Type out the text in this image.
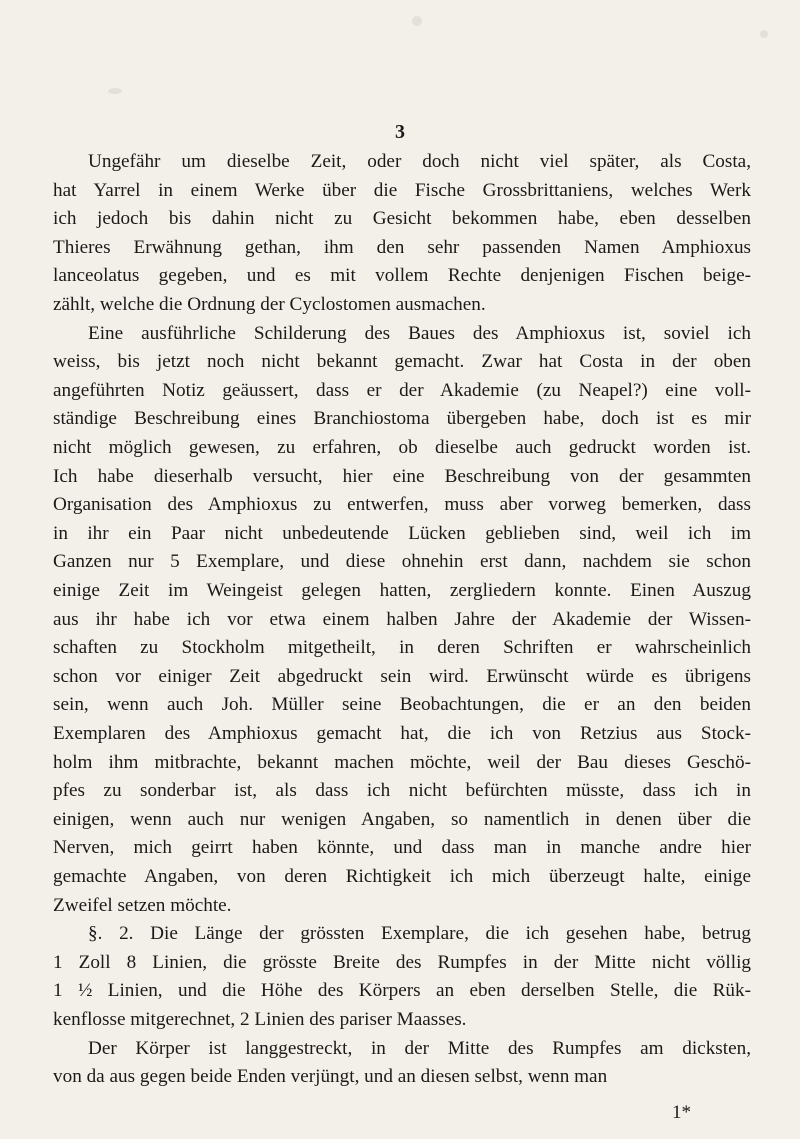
3
1*
Ungefähr um dieselbe Zeit, oder doch nicht viel später, als Costa,
hat Yarrel in einem Werke über die Fische Grossbrittaniens, welches Werk
ich jedoch bis dahin nicht zu Gesicht bekommen habe, eben desselben
Thieres Erwähnung gethan, ihm den sehr passenden Namen Amphioxus
lanceolatus gegeben, und es mit vollem Rechte denjenigen Fischen beige-
zählt, welche die Ordnung der Cyclostomen ausmachen.
Eine ausführliche Schilderung des Baues des Amphioxus ist, soviel ich
weiss, bis jetzt noch nicht bekannt gemacht. Zwar hat Costa in der oben
angeführten Notiz geäussert, dass er der Akademie (zu Neapel?) eine voll-
ständige Beschreibung eines Branchiostoma übergeben habe, doch ist es mir
nicht möglich gewesen, zu erfahren, ob dieselbe auch gedruckt worden ist.
Ich habe dieserhalb versucht, hier eine Beschreibung von der gesammten
Organisation des Amphioxus zu entwerfen, muss aber vorweg bemerken, dass
in ihr ein Paar nicht unbedeutende Lücken geblieben sind, weil ich im
Ganzen nur 5 Exemplare, und diese ohnehin erst dann, nachdem sie schon
einige Zeit im Weingeist gelegen hatten, zergliedern konnte. Einen Auszug
aus ihr habe ich vor etwa einem halben Jahre der Akademie der Wissen-
schaften zu Stockholm mitgetheilt, in deren Schriften er wahrscheinlich
schon vor einiger Zeit abgedruckt sein wird. Erwünscht würde es übrigens
sein, wenn auch Joh. Müller seine Beobachtungen, die er an den beiden
Exemplaren des Amphioxus gemacht hat, die ich von Retzius aus Stock-
holm ihm mitbrachte, bekannt machen möchte, weil der Bau dieses Geschö-
pfes zu sonderbar ist, als dass ich nicht befürchten müsste, dass ich in
einigen, wenn auch nur wenigen Angaben, so namentlich in denen über die
Nerven, mich geirrt haben könnte, und dass man in manche andre hier
gemachte Angaben, von deren Richtigkeit ich mich überzeugt halte, einige
Zweifel setzen möchte.
§. 2. Die Länge der grössten Exemplare, die ich gesehen habe, betrug
1 Zoll 8 Linien, die grösste Breite des Rumpfes in der Mitte nicht völlig
1 ½ Linien, und die Höhe des Körpers an eben derselben Stelle, die Rük-
kenflosse mitgerechnet, 2 Linien des pariser Maasses.
Der Körper ist langgestreckt, in der Mitte des Rumpfes am dicksten,
von da aus gegen beide Enden verjüngt, und an diesen selbst, wenn man
